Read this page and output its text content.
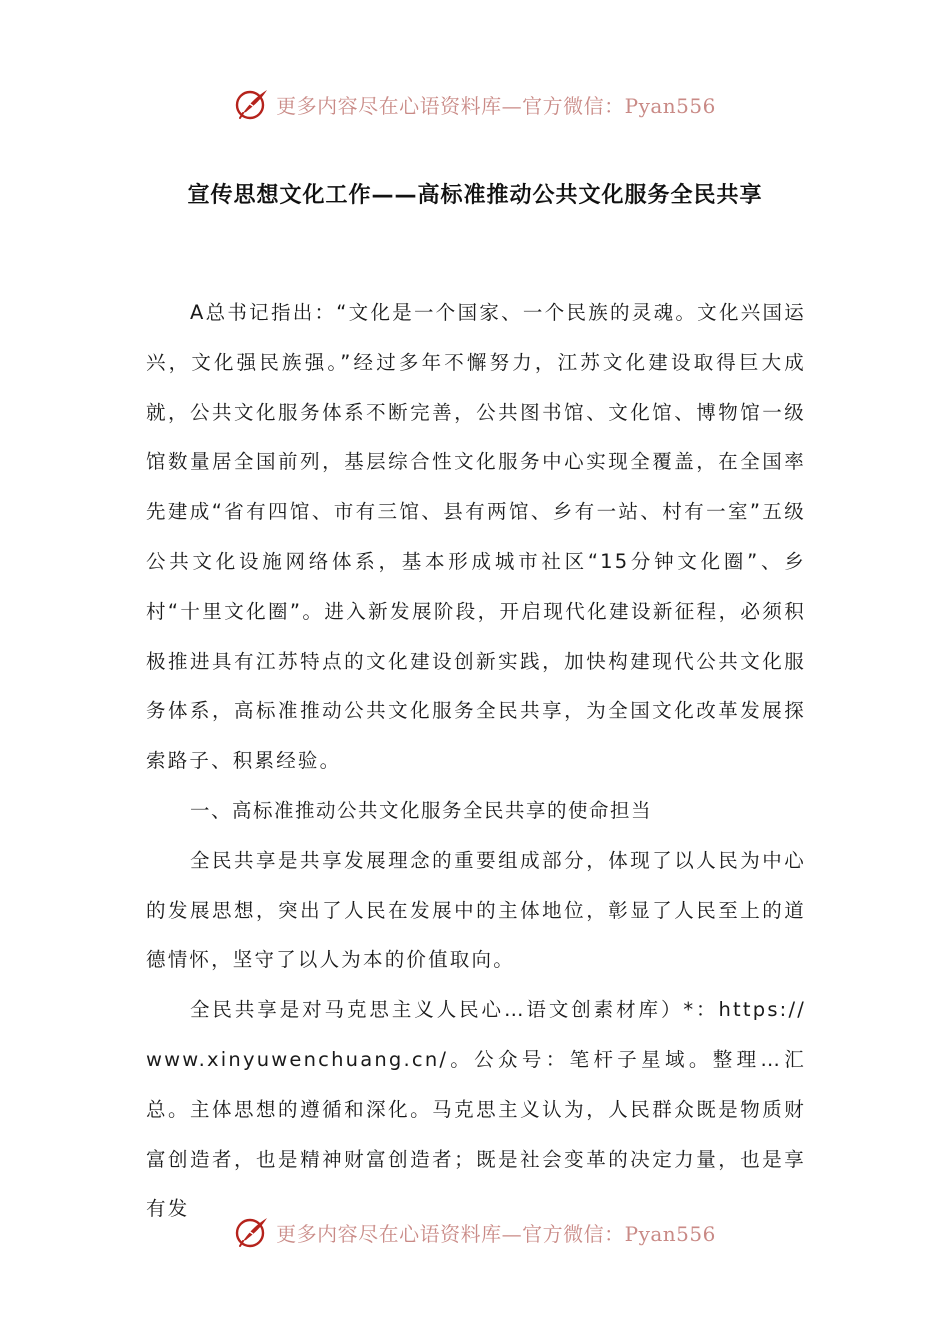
更多内容尽在心语资料库—官方微信：Pyan556
宣传思想文化工作——高标准推动公共文化服务全民共享

A总书记指出：“文化是一个国家、一个民族的灵魂。文化兴国运兴，文化强民族强。”经过多年不懈努力，江苏文化建设取得巨大成就，公共文化服务体系不断完善，公共图书馆、文化馆、博物馆一级馆数量居全国前列，基层综合性文化服务中心实现全覆盖，在全国率先建成“省有四馆、市有三馆、县有两馆、乡有一站、村有一室”五级公共文化设施网络体系，基本形成城市社区“15分钟文化圈”、乡村“十里文化圈”。进入新发展阶段，开启现代化建设新征程，必须积极推进具有江苏特点的文化建设创新实践，加快构建现代公共文化服务体系，高标准推动公共文化服务全民共享，为全国文化改革发展探索路子、积累经验。

一、高标准推动公共文化服务全民共享的使命担当

全民共享是共享发展理念的重要组成部分，体现了以人民为中心的发展思想，突出了人民在发展中的主体地位，彰显了人民至上的道德情怀，坚守了以人为本的价值取向。

全民共享是对马克思主义人民心…语文创素材库）*：https://www.xinyuwenchuang.cn/。公众号：笔杆子星域。整理…汇总。主体思想的遵循和深化。马克思主义认为，人民群众既是物质财富创造者，也是精神财富创造者；既是社会变革的决定力量，也是享有发

更多内容尽在心语资料库—官方微信：Pyan556
